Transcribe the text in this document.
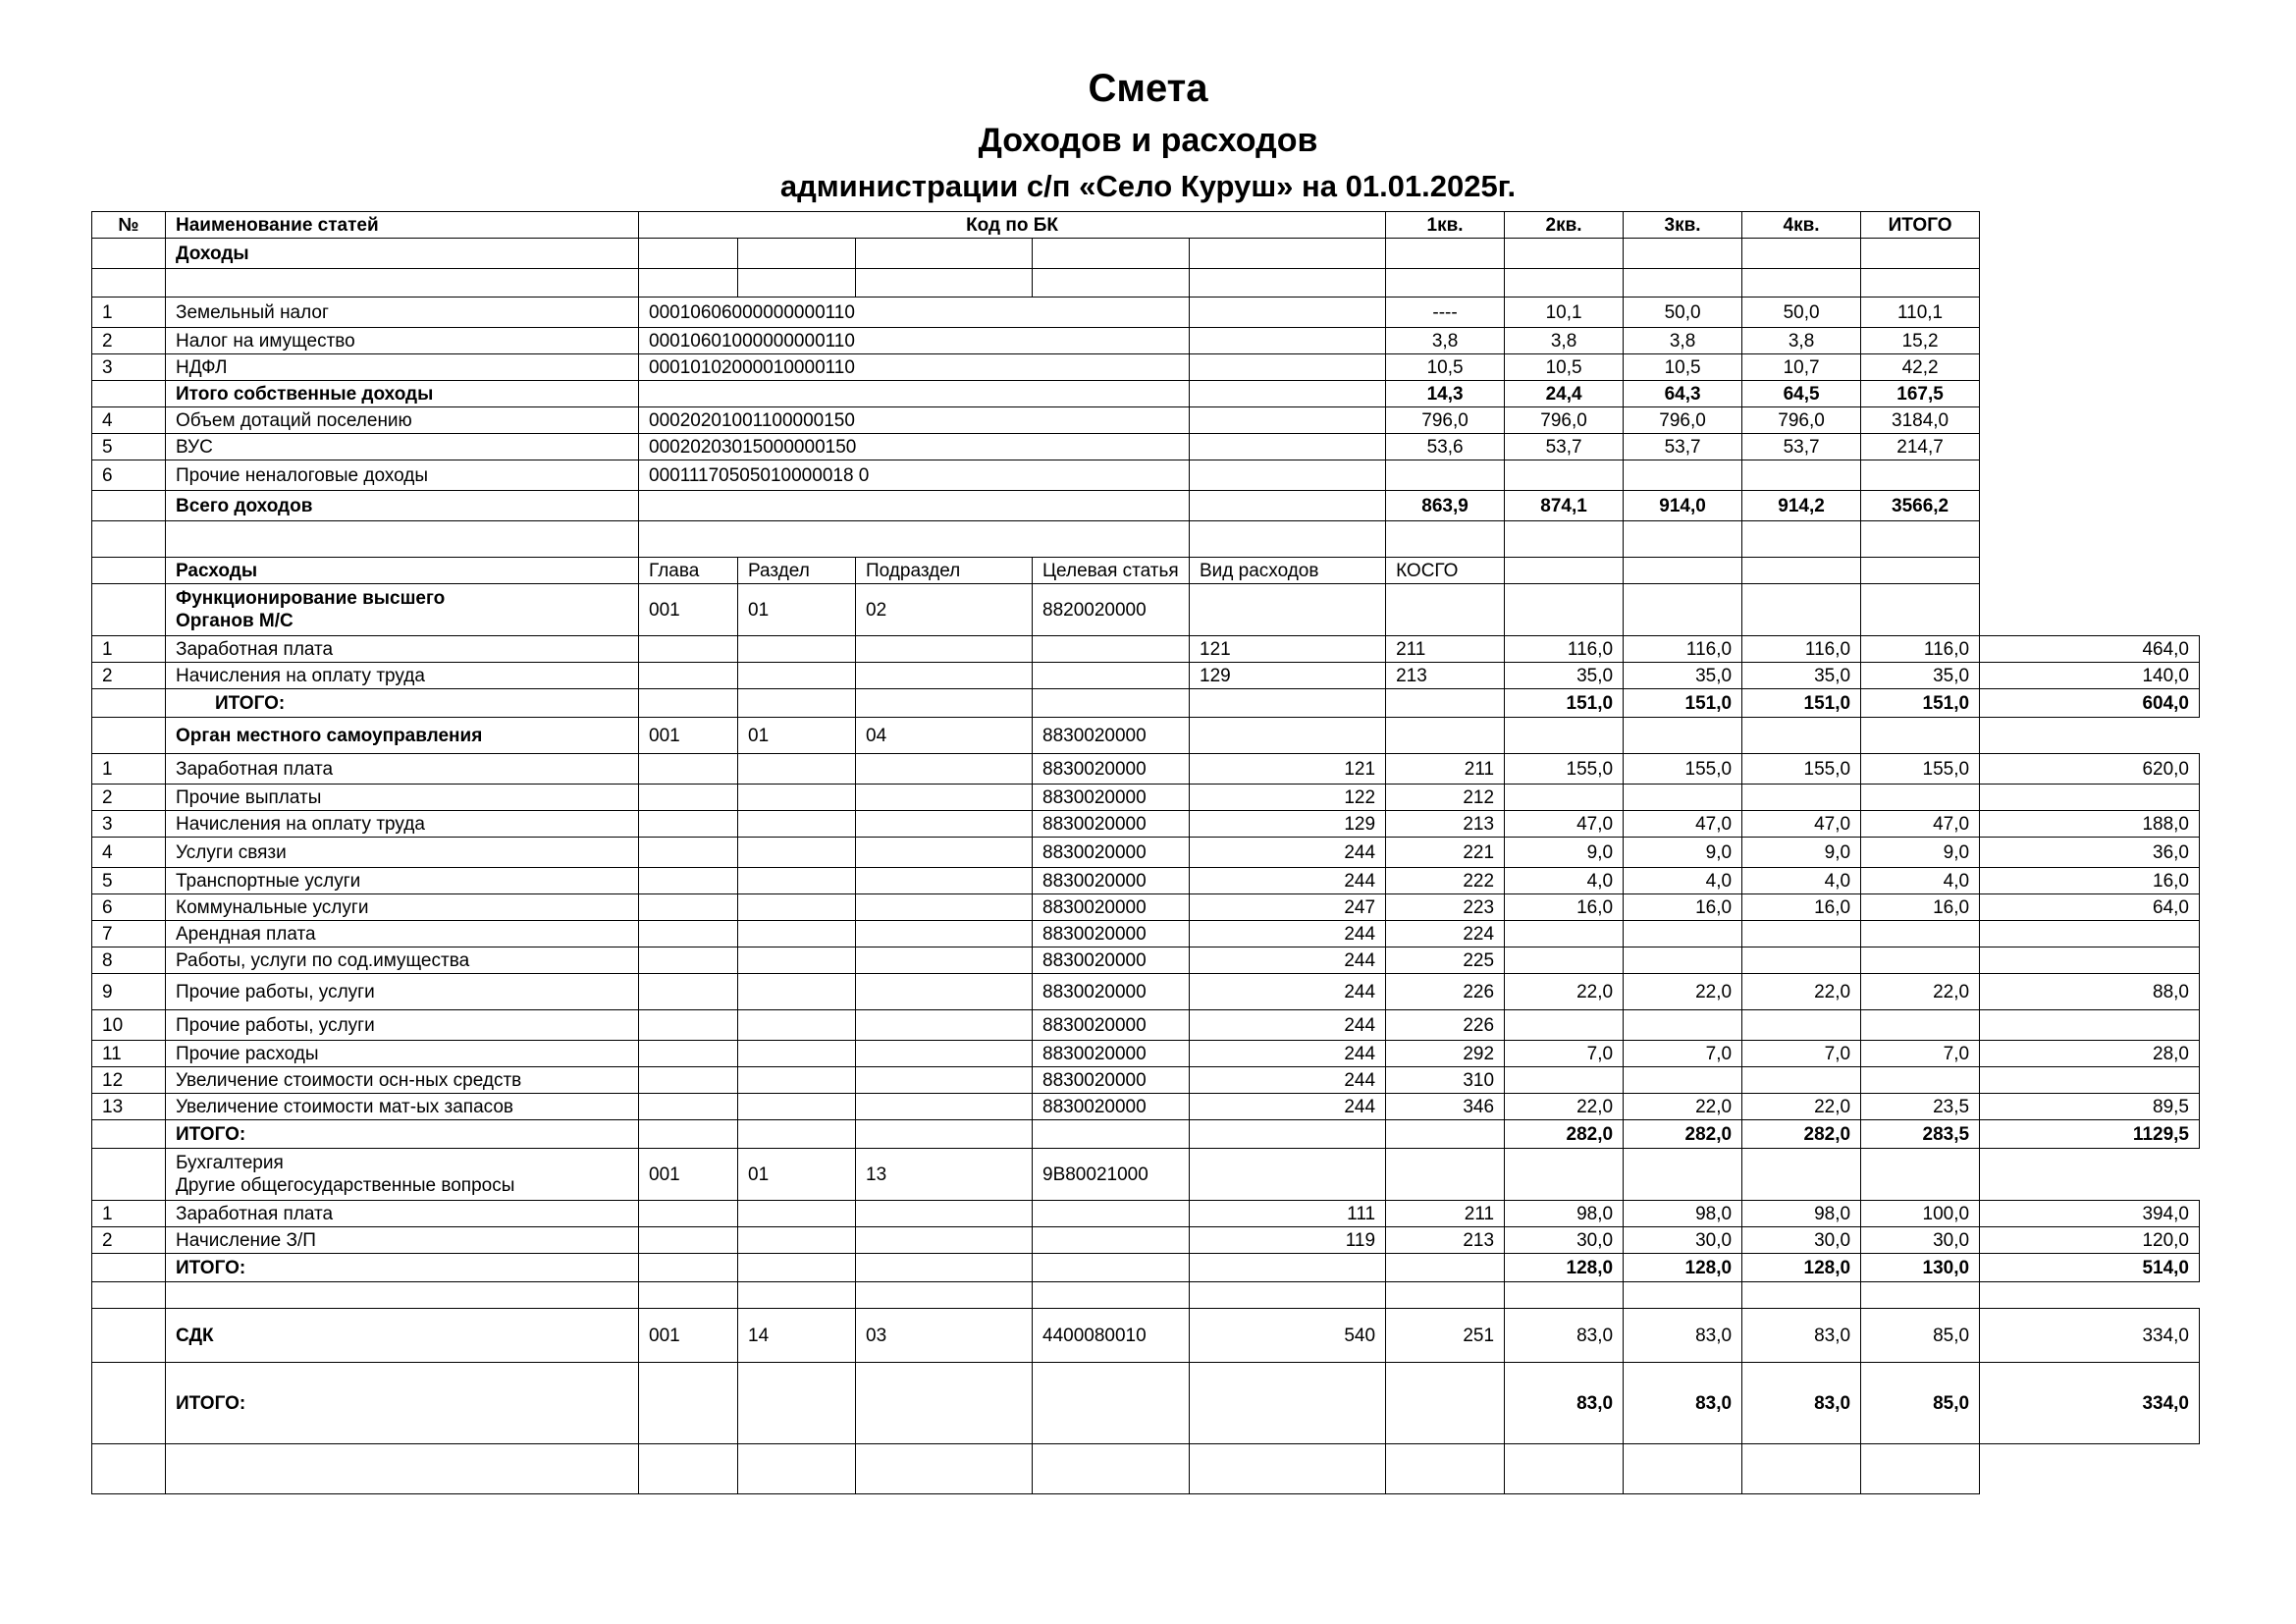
Смета
Доходов и расходов
администрации с/п «Село Куруш» на 01.01.2025г.
№	Наименование статей	Код по БК					1кв.	2кв.	3кв.	4кв.	ИТОГО	
	Доходы											

1	Земельный налог	00010606000000000110					----	10,1	50,0	50,0	110,1	
2	Налог на имущество	00010601000000000110					3,8	3,8	3,8	3,8	15,2	
3	НДФЛ	00010102000010000110					10,5	10,5	10,5	10,7	42,2	
	Итого собственные доходы						14,3	24,4	64,3	64,5	167,5	
4	Объем дотаций поселению	00020201001100000150					796,0	796,0	796,0	796,0	3184,0	
5	ВУС	00020203015000000150					53,6	53,7	53,7	53,7	214,7	
6	Прочие неналоговые доходы	00011170505010000018 0										
	Всего доходов						863,9	874,1	914,0	914,2	3566,2	

	Расходы	Глава	Раздел	Подраздел	Целевая статья	Вид расходов	КОСГО					

	Функционирование высшего
Органов М/С	001	01	02	8820020000							
1	Заработная плата					121	211	116,0	116,0	116,0	116,0	464,0
2	Начисления на оплату труда					129	213	35,0	35,0	35,0	35,0	140,0
	ИТОГО:							151,0	151,0	151,0	151,0	604,0
	Орган местного самоуправления	001	01	04	8830020000							
1	Заработная плата				8830020000	121	211	155,0	155,0	155,0	155,0	620,0
2	Прочие выплаты				8830020000	122	212					
3	Начисления на оплату труда				8830020000	129	213	47,0	47,0	47,0	47,0	188,0
4	Услуги связи				8830020000	244	221	9,0	9,0	9,0	9,0	36,0
5	Транспортные услуги				8830020000	244	222	4,0	4,0	4,0	4,0	16,0
6	Коммунальные услуги				8830020000	247	223	16,0	16,0	16,0	16,0	64,0
7	Арендная плата				8830020000	244	224					
8	Работы, услуги по сод.имущества				8830020000	244	225					
9	Прочие работы, услуги				8830020000	244	226	22,0	22,0	22,0	22,0	88,0
10	Прочие работы, услуги				8830020000	244	226					
11	Прочие расходы				8830020000	244	292	7,0	7,0	7,0	7,0	28,0
12	Увеличение стоимости осн-ных средств				8830020000	244	310					
13	Увеличение стоимости мат-ых запасов				8830020000	244	346	22,0	22,0	22,0	23,5	89,5
	ИТОГО:							282,0	282,0	282,0	283,5	1129,5

	Бухгалтерия
Другие общегосударственные вопросы	001	01	13	9В80021000							
1	Заработная плата					111	211	98,0	98,0	98,0	100,0	394,0
2	Начисление З/П					119	213	30,0	30,0	30,0	30,0	120,0
	ИТОГО:							128,0	128,0	128,0	130,0	514,0

	СДК	001	14	03	4400080010	540	251	83,0	83,0	83,0	85,0	334,0
	ИТОГО:							83,0	83,0	83,0	85,0	334,0
